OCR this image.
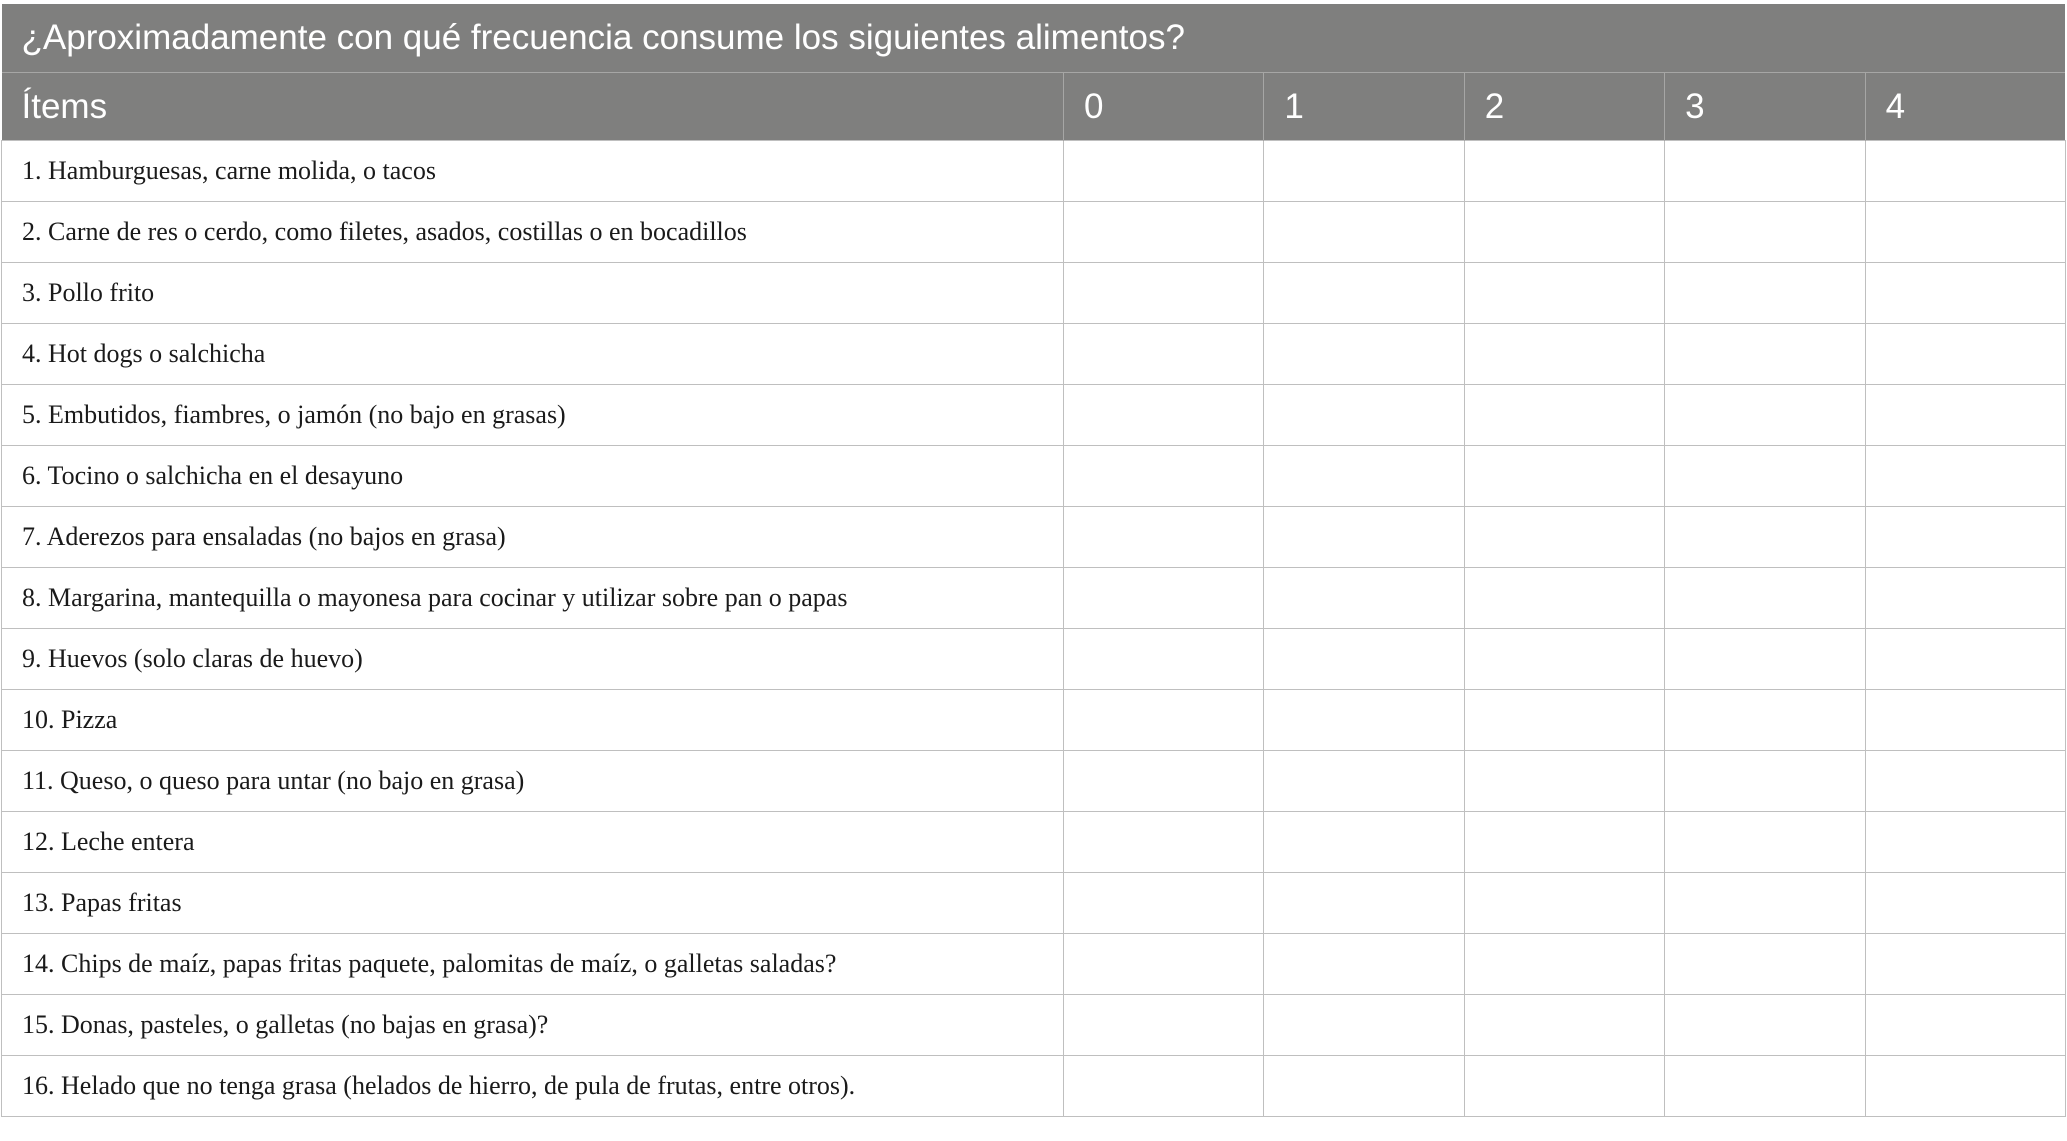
¿Aproximadamente con qué frecuencia consume los siguientes alimentos?					
Ítems	0	1	2	3	4
1. Hamburguesas, carne molida, o tacos					
2. Carne de res o cerdo, como filetes, asados, costillas o en bocadillos					
3. Pollo frito					
4. Hot dogs o salchicha					
5. Embutidos, fiambres, o jamón (no bajo en grasas)					
6. Tocino o salchicha en el desayuno					
7. Aderezos para ensaladas (no bajos en grasa)					
8. Margarina, mantequilla o mayonesa para cocinar y utilizar sobre pan o papas					
9. Huevos (solo claras de huevo)					
10. Pizza					
11. Queso, o queso para untar (no bajo en grasa)					
12. Leche entera					
13. Papas fritas					
14. Chips de maíz, papas fritas paquete, palomitas de maíz, o galletas saladas?					
15. Donas, pasteles, o galletas (no bajas en grasa)?					
16. Helado que no tenga grasa (helados de hierro, de pula de frutas, entre otros).					
